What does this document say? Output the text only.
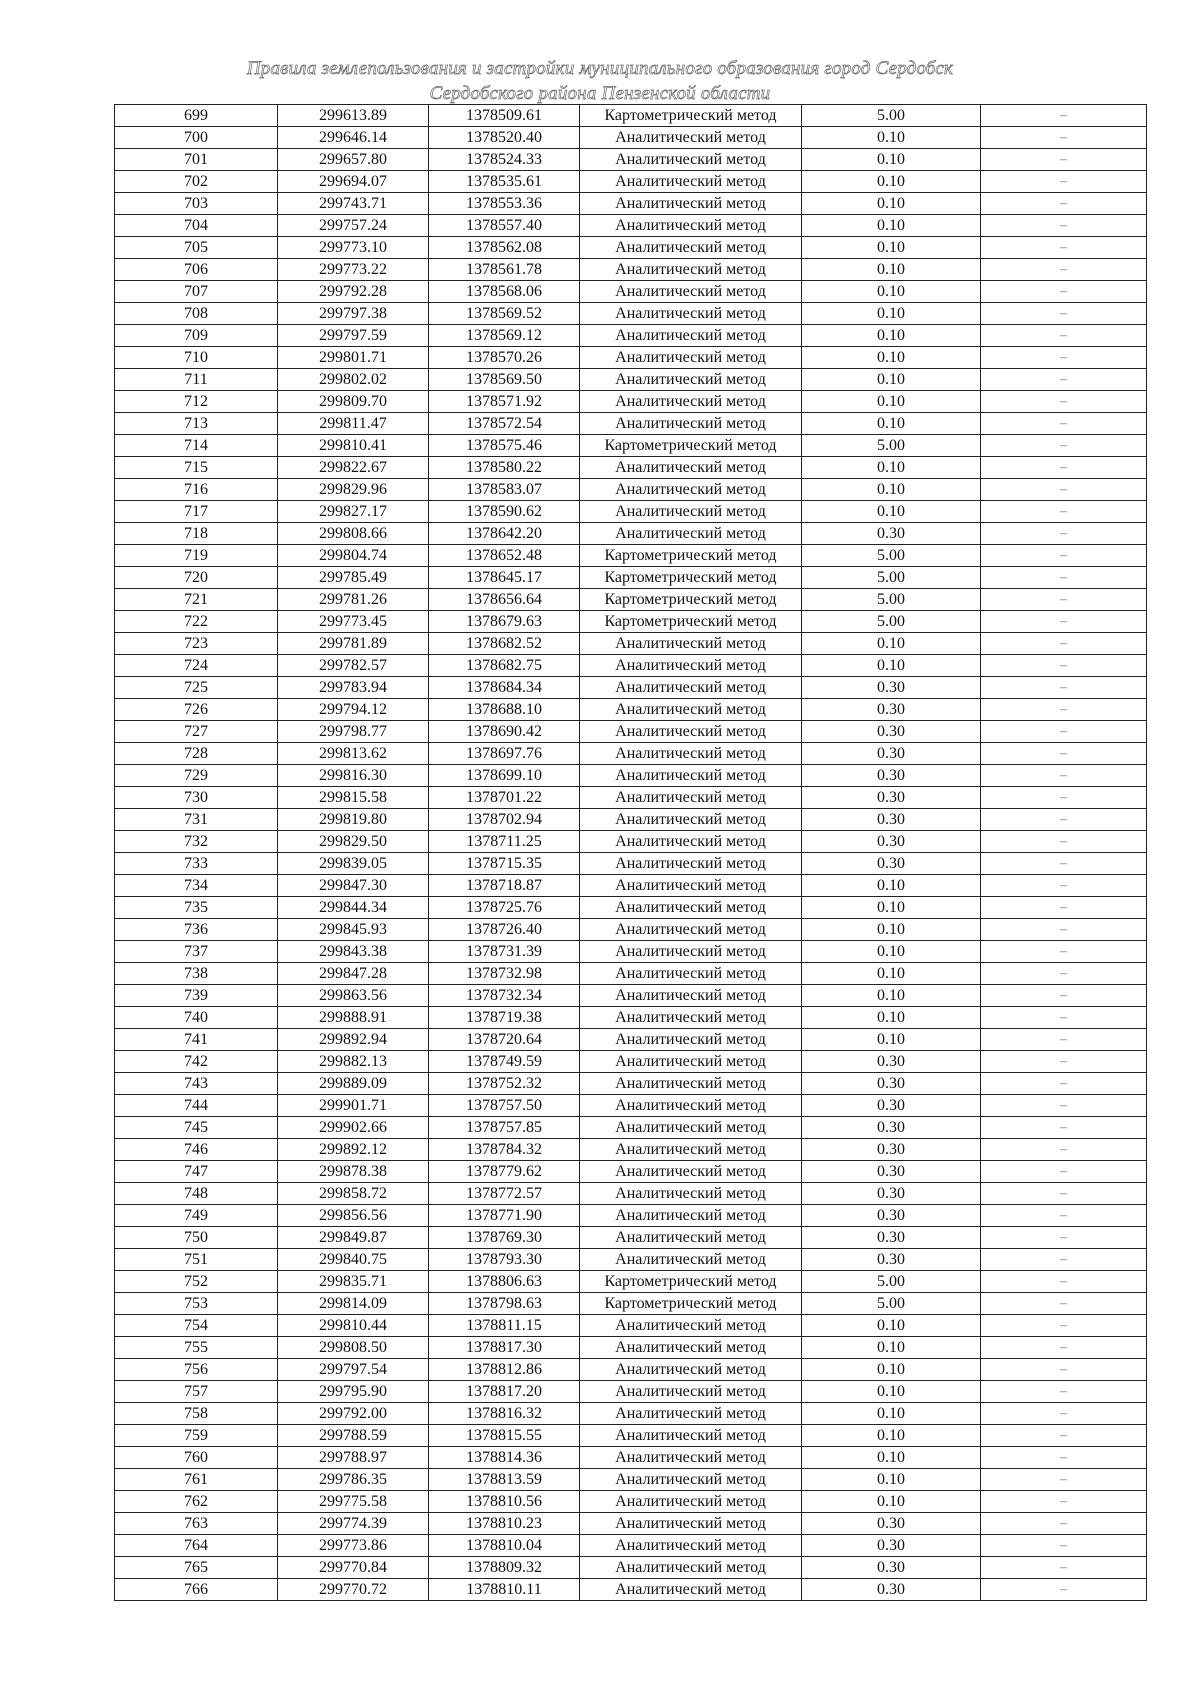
Правила землепользования и застройки муниципального образования город Сердобск
Сердобского района Пензенской области
699	299613.89	1378509.61	Картометрический метод	5.00	–
700	299646.14	1378520.40	Аналитический метод	0.10	–
701	299657.80	1378524.33	Аналитический метод	0.10	–
702	299694.07	1378535.61	Аналитический метод	0.10	–
703	299743.71	1378553.36	Аналитический метод	0.10	–
704	299757.24	1378557.40	Аналитический метод	0.10	–
705	299773.10	1378562.08	Аналитический метод	0.10	–
706	299773.22	1378561.78	Аналитический метод	0.10	–
707	299792.28	1378568.06	Аналитический метод	0.10	–
708	299797.38	1378569.52	Аналитический метод	0.10	–
709	299797.59	1378569.12	Аналитический метод	0.10	–
710	299801.71	1378570.26	Аналитический метод	0.10	–
711	299802.02	1378569.50	Аналитический метод	0.10	–
712	299809.70	1378571.92	Аналитический метод	0.10	–
713	299811.47	1378572.54	Аналитический метод	0.10	–
714	299810.41	1378575.46	Картометрический метод	5.00	–
715	299822.67	1378580.22	Аналитический метод	0.10	–
716	299829.96	1378583.07	Аналитический метод	0.10	–
717	299827.17	1378590.62	Аналитический метод	0.10	–
718	299808.66	1378642.20	Аналитический метод	0.30	–
719	299804.74	1378652.48	Картометрический метод	5.00	–
720	299785.49	1378645.17	Картометрический метод	5.00	–
721	299781.26	1378656.64	Картометрический метод	5.00	–
722	299773.45	1378679.63	Картометрический метод	5.00	–
723	299781.89	1378682.52	Аналитический метод	0.10	–
724	299782.57	1378682.75	Аналитический метод	0.10	–
725	299783.94	1378684.34	Аналитический метод	0.30	–
726	299794.12	1378688.10	Аналитический метод	0.30	–
727	299798.77	1378690.42	Аналитический метод	0.30	–
728	299813.62	1378697.76	Аналитический метод	0.30	–
729	299816.30	1378699.10	Аналитический метод	0.30	–
730	299815.58	1378701.22	Аналитический метод	0.30	–
731	299819.80	1378702.94	Аналитический метод	0.30	–
732	299829.50	1378711.25	Аналитический метод	0.30	–
733	299839.05	1378715.35	Аналитический метод	0.30	–
734	299847.30	1378718.87	Аналитический метод	0.10	–
735	299844.34	1378725.76	Аналитический метод	0.10	–
736	299845.93	1378726.40	Аналитический метод	0.10	–
737	299843.38	1378731.39	Аналитический метод	0.10	–
738	299847.28	1378732.98	Аналитический метод	0.10	–
739	299863.56	1378732.34	Аналитический метод	0.10	–
740	299888.91	1378719.38	Аналитический метод	0.10	–
741	299892.94	1378720.64	Аналитический метод	0.10	–
742	299882.13	1378749.59	Аналитический метод	0.30	–
743	299889.09	1378752.32	Аналитический метод	0.30	–
744	299901.71	1378757.50	Аналитический метод	0.30	–
745	299902.66	1378757.85	Аналитический метод	0.30	–
746	299892.12	1378784.32	Аналитический метод	0.30	–
747	299878.38	1378779.62	Аналитический метод	0.30	–
748	299858.72	1378772.57	Аналитический метод	0.30	–
749	299856.56	1378771.90	Аналитический метод	0.30	–
750	299849.87	1378769.30	Аналитический метод	0.30	–
751	299840.75	1378793.30	Аналитический метод	0.30	–
752	299835.71	1378806.63	Картометрический метод	5.00	–
753	299814.09	1378798.63	Картометрический метод	5.00	–
754	299810.44	1378811.15	Аналитический метод	0.10	–
755	299808.50	1378817.30	Аналитический метод	0.10	–
756	299797.54	1378812.86	Аналитический метод	0.10	–
757	299795.90	1378817.20	Аналитический метод	0.10	–
758	299792.00	1378816.32	Аналитический метод	0.10	–
759	299788.59	1378815.55	Аналитический метод	0.10	–
760	299788.97	1378814.36	Аналитический метод	0.10	–
761	299786.35	1378813.59	Аналитический метод	0.10	–
762	299775.58	1378810.56	Аналитический метод	0.10	–
763	299774.39	1378810.23	Аналитический метод	0.30	–
764	299773.86	1378810.04	Аналитический метод	0.30	–
765	299770.84	1378809.32	Аналитический метод	0.30	–
766	299770.72	1378810.11	Аналитический метод	0.30	–
